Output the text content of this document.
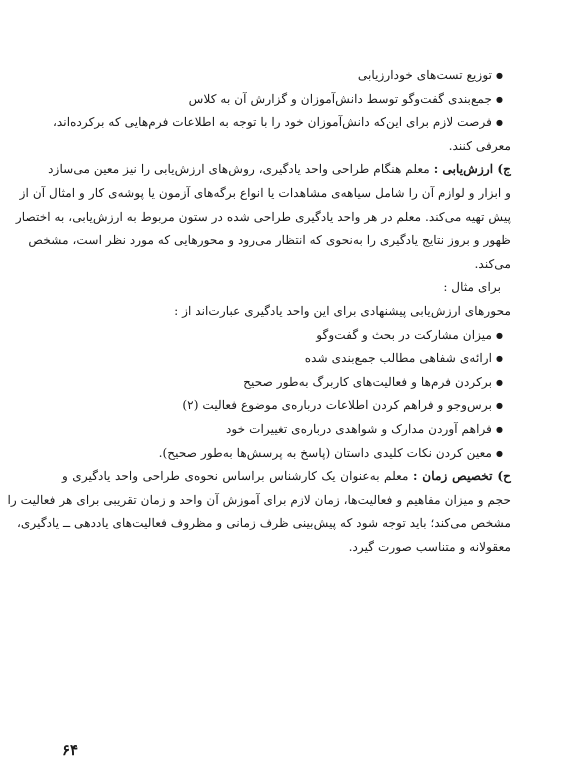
● توزیع تست‌های خودارزیابی
● جمع‌بندی گفت‌وگو توسط دانش‌آموزان و گزارش آن به کلاس
● فرصت لازم برای این‌که دانش‌آموزان خود را با توجه به اطلاعات فرم‌هایی که برکرده‌اند،
معرفی کنند.
ج) ارزش‌یابی : معلم هنگام طراحی واحد یادگیری، روش‌های ارزش‌یابی را نیز معین می‌سازد
و ابزار و لوازم آن را شامل سیاهه‌ی مشاهدات یا انواع برگه‌های آزمون یا پوشه‌ی کار و امثال آن از
پیش تهیه می‌کند. معلم در هر واحد یادگیری طراحی شده در ستون مربوط به ارزش‌یابی، به اختصار
ظهور و بروز نتایج یادگیری را به‌نحوی که انتظار می‌رود و محورهایی که مورد نظر است، مشخص
می‌کند.
برای مثال :
محورهای ارزش‌یابی پیشنهادی برای این واحد یادگیری عبارت‌اند از :
● میزان مشارکت در بحث و گفت‌وگو
● ارائه‌ی شفاهی مطالب جمع‌بندی شده
● برکردن فرم‌ها و فعالیت‌های کاربرگ به‌طور صحیح
● برس‌وجو و فراهم کردن اطلاعات درباره‌ی موضوع فعالیت (۲)
● فراهم آوردن مدارک و شواهدی درباره‌ی تغییرات خود
● معین کردن نکات کلیدی داستان (پاسخ به پرسش‌ها به‌طور صحیح).
ح) تخصیص زمان : معلم به‌عنوان یک کارشناس براساس نحوه‌ی طراحی واحد یادگیری و
حجم و میزان مفاهیم و فعالیت‌ها، زمان لازم برای آموزش آن واحد و زمان تقریبی برای هر فعالیت را
مشخص می‌کند؛ باید توجه شود که پیش‌بینی ظرف زمانی و مظروف فعالیت‌های یاددهی ــ یادگیری،
معقولانه و متناسب صورت گیرد.
۶۴
